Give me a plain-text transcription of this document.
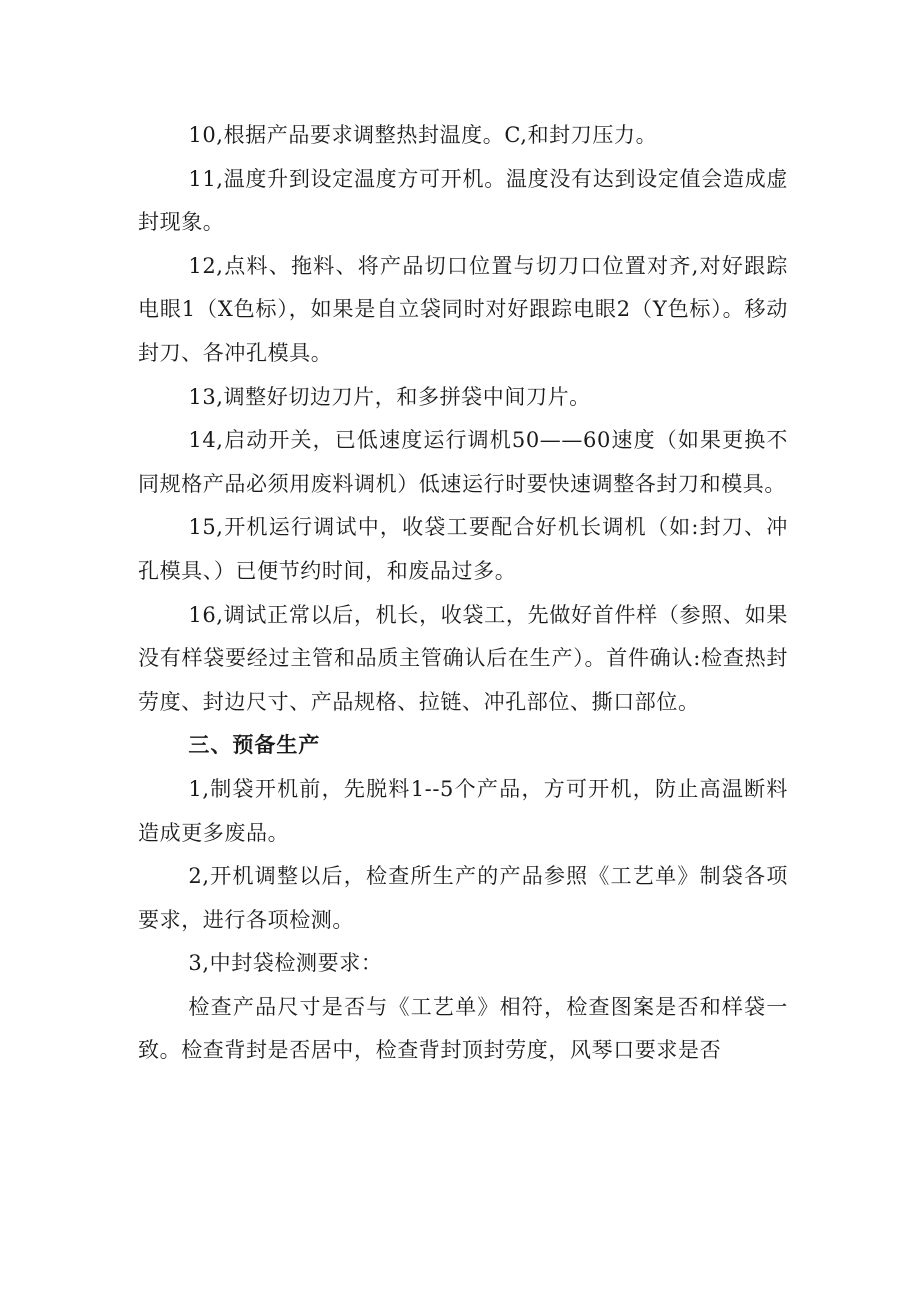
10,根据产品要求调整热封温度。C,和封刀压力。

11,温度升到设定温度方可开机。温度没有达到设定值会造成虚封现象。

12,点料、拖料、将产品切口位置与切刀口位置对齐,对好跟踪电眼1（X色标），如果是自立袋同时对好跟踪电眼2（Y色标）。移动封刀、各冲孔模具。

13,调整好切边刀片，和多拼袋中间刀片。

14,启动开关，已低速度运行调机50——60速度（如果更换不同规格产品必须用废料调机）低速运行时要快速调整各封刀和模具。

15,开机运行调试中，收袋工要配合好机长调机（如:封刀、冲孔模具、）已便节约时间，和废品过多。

16,调试正常以后，机长，收袋工，先做好首件样（参照、如果没有样袋要经过主管和品质主管确认后在生产）。首件确认:检查热封劳度、封边尺寸、产品规格、拉链、冲孔部位、撕口部位。

三、预备生产

1,制袋开机前，先脱料1--5个产品，方可开机，防止高温断料造成更多废品。

2,开机调整以后，检查所生产的产品参照《工艺单》制袋各项要求，进行各项检测。

3,中封袋检测要求：

检查产品尺寸是否与《工艺单》相符，检查图案是否和样袋一致。检查背封是否居中，检查背封顶封劳度，风琴口要求是否
